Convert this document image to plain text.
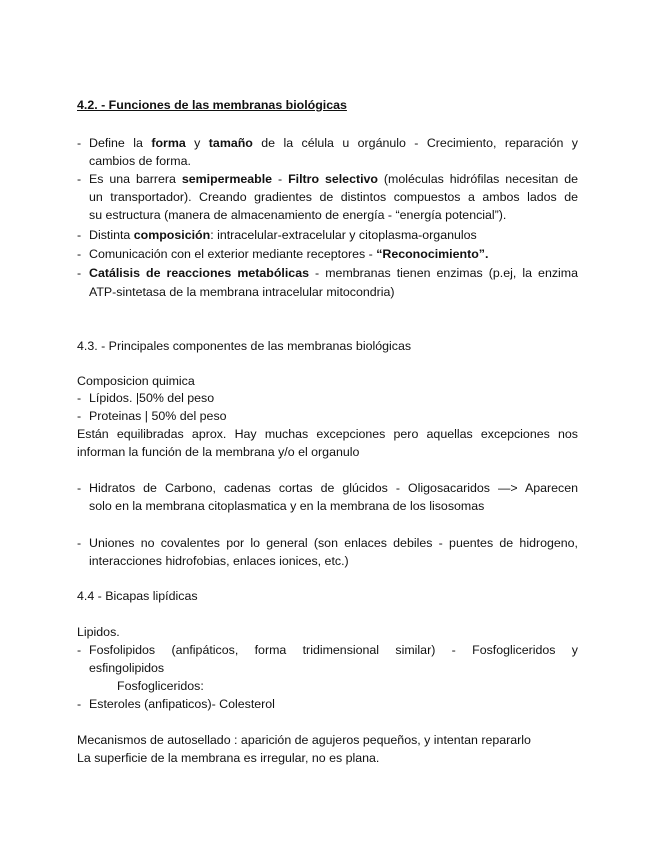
4.2. - Funciones de las membranas biológicas
- Define la forma y tamaño de la célula u orgánulo - Crecimiento, reparación y
cambios de forma.
- Es una barrera semipermeable - Filtro selectivo (moléculas hidrófilas necesitan de
un transportador). Creando gradientes de distintos compuestos a ambos lados de
su estructura (manera de almacenamiento de energía - “energía potencial”).
- Distinta composición: intracelular-extracelular y citoplasma-organulos
- Comunicación con el exterior mediante receptores - “Reconocimiento”.
- Catálisis de reacciones metabólicas - membranas tienen enzimas (p.ej, la enzima
ATP-sintetasa de la membrana intracelular mitocondria)
4.3. - Principales componentes de las membranas biológicas
Composicion quimica
- Lípidos. |50% del peso
- Proteinas | 50% del peso
Están equilibradas aprox. Hay muchas excepciones pero aquellas excepciones nos
informan la función de la membrana y/o el organulo
- Hidratos de Carbono, cadenas cortas de glúcidos - Oligosacaridos —> Aparecen
solo en la membrana citoplasmatica y en la membrana de los lisosomas
- Uniones no covalentes por lo general (son enlaces debiles - puentes de hidrogeno,
interacciones hidrofobias, enlaces ionices, etc.)
4.4 - Bicapas lipídicas
Lipidos.
- Fosfolipidos (anfipáticos, forma tridimensional similar) - Fosfogliceridos y
esfingolipidos
Fosfogliceridos:
- Esteroles (anfipaticos)- Colesterol
Mecanismos de autosellado : aparición de agujeros pequeños, y intentan repararlo
La superficie de la membrana es irregular, no es plana.
